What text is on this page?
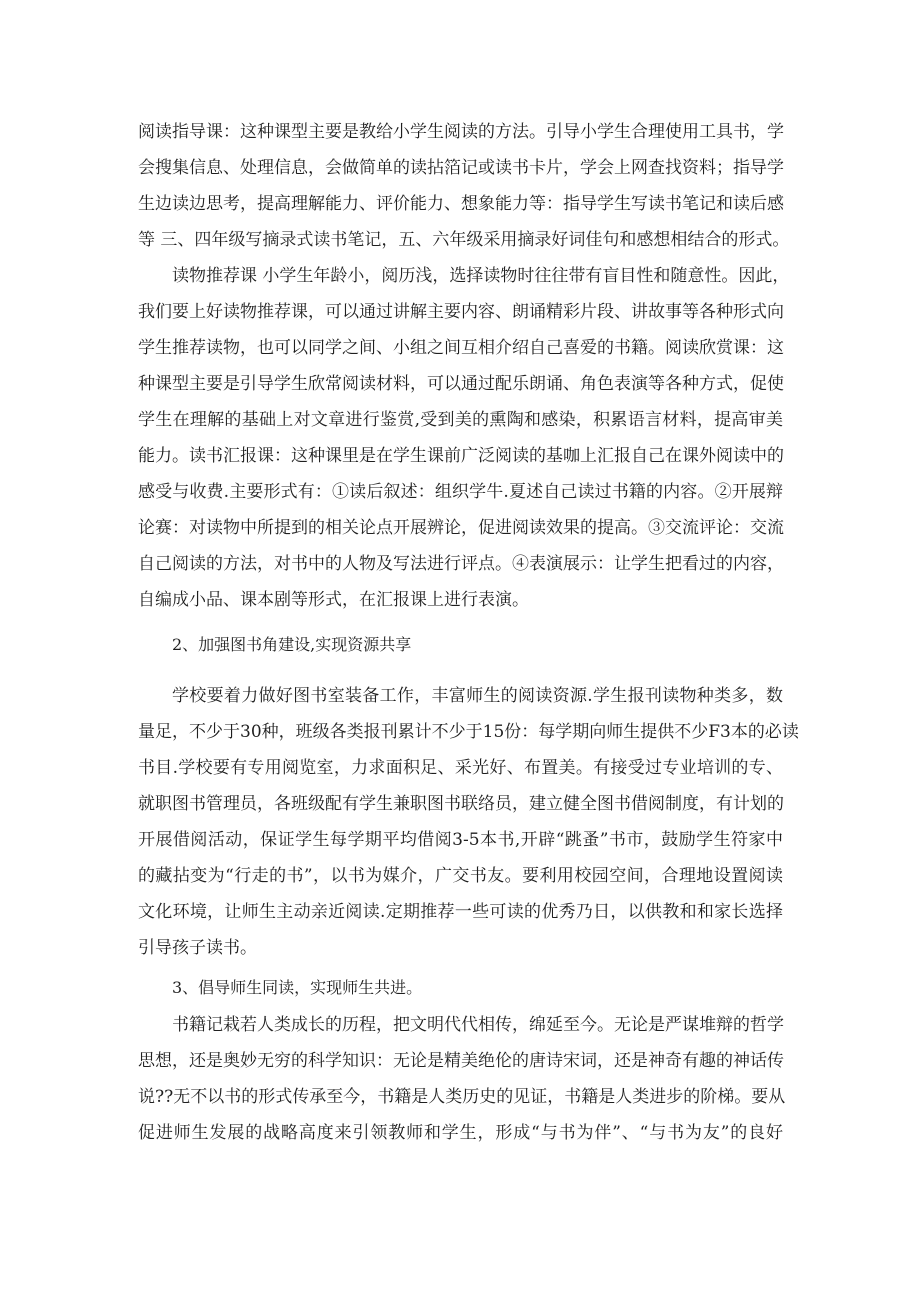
阅读指导课：这种课型主要是教给小学生阅读的方法。引导小学生合理使用工具书，学
会搜集信息、处理信息，会做简单的读拈箔记或读书卡片，学会上网查找资料；指导学
生边读边思考，提高理解能力、评价能力、想象能力等：指导学生写读书笔记和读后感
等 三、四年级写摘录式读书笔记，五、六年级采用摘录好词佳句和感想相结合的形式。
读物推荐课 小学生年龄小，阅历浅，选择读物时往往带有盲目性和随意性。因此，
我们要上好读物推荐课，可以通过讲解主要内容、朗诵精彩片段、讲故事等各种形式向
学生推荐读物，也可以同学之间、小组之间互相介绍自己喜爱的书籍。阅读欣赏课：这
种课型主要是引导学生欣常阅读材料，可以通过配乐朗诵、角色表演等各种方式，促使
学生在理解的基础上对文章进行鉴赏,受到美的熏陶和感染，积累语言材料，提高审美
能力。读书汇报课：这种课里是在学生课前广泛阅读的基咖上汇报自己在课外阅读中的
感受与收费.主要形式有：①读后叙述：组织学牛.夏述自己读过书籍的内容。②开展辩
论赛：对读物中所提到的相关论点开展辨论，促进阅读效果的提高。③交流评论：交流
自己阅读的方法，对书中的人物及写法进行评点。④表演展示：让学生把看过的内容，
自编成小品、课本剧等形式，在汇报课上进行表演。
2、加强图书角建设,实现资源共享
学校要着力做好图书室装备工作，丰富师生的阅读资源.学生报刊读物种类多，数
量足，不少于30种，班级各类报刊累计不少于15份：每学期向师生提供不少F3本的必读
书目.学校要有专用阅览室，力求面积足、采光好、布置美。有接受过专业培训的专、
就职图书管理员，各班级配有学生兼职图书联络员，建立健全图书借阅制度，有计划的
开展借阅活动，保证学生每学期平均借阅3-5本书,开辟“跳蚤”书市，鼓励学生符家中
的藏拈变为“行走的书”，以书为媒介，广交书友。要利用校园空间，合理地设置阅读
文化环境，让师生主动亲近阅读.定期推荐一些可读的优秀乃日，以供教和和家长选择
引导孩子读书。
3、倡导师生同读，实现师生共进。
书籍记栽若人类成长的历程，把文明代代相传，绵延至今。无论是严谋堆辩的哲学
思想，还是奥妙无穷的科学知识：无论是精美绝伦的唐诗宋词，还是神奇有趣的神话传
说??无不以书的形式传承至今，书籍是人类历史的见证，书籍是人类进步的阶梯。要从
促进师生发展的战略高度来引领教师和学生，形成“与书为伴”、“与书为友”的良好
